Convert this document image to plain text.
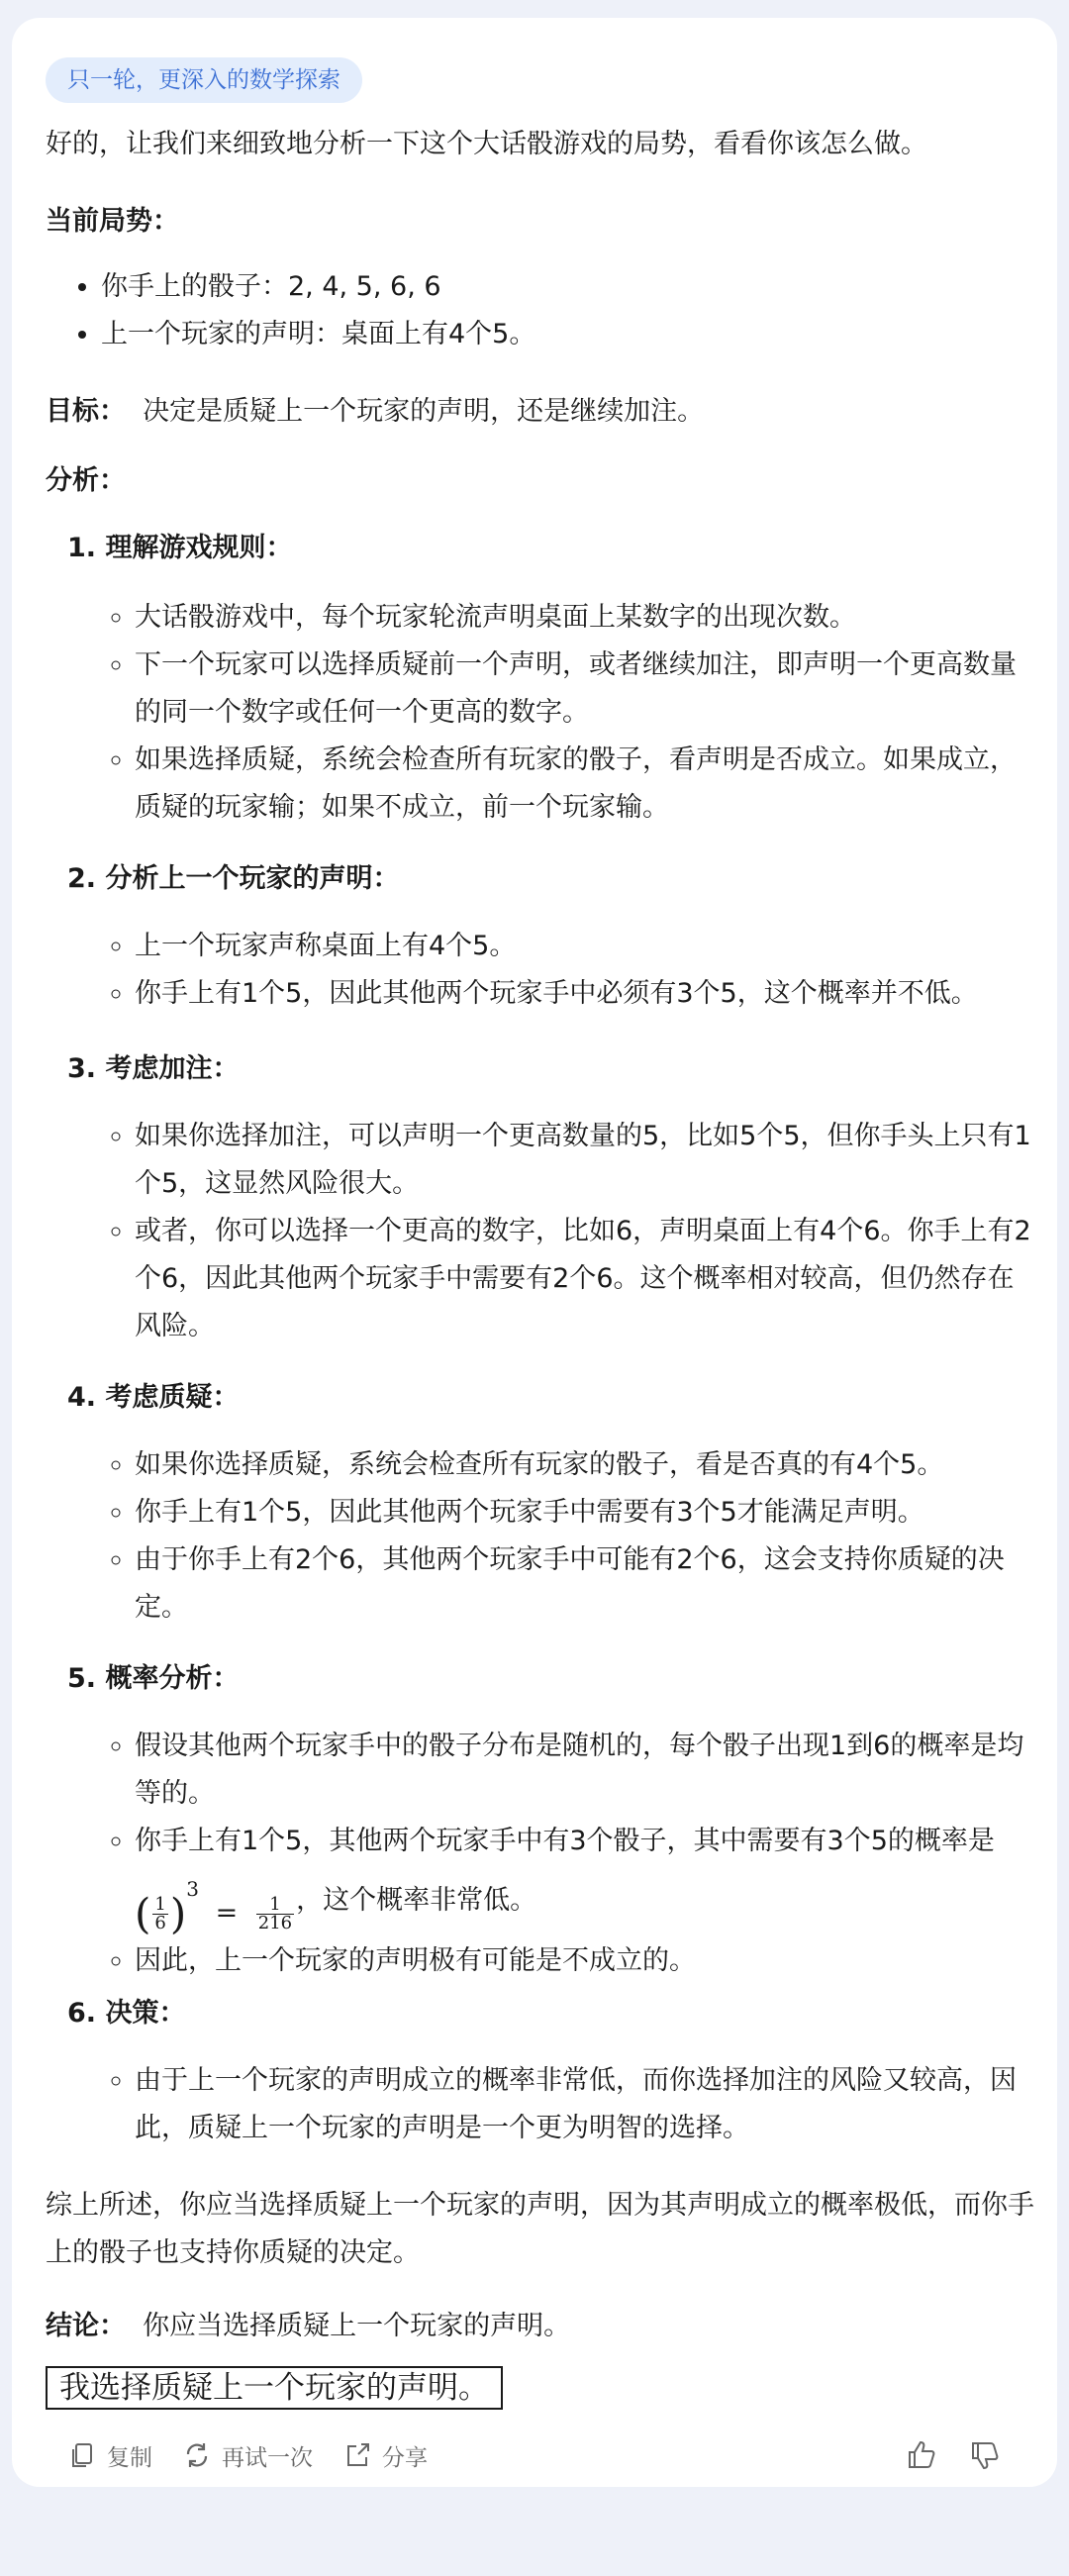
只一轮，更深入的数学探索

好的，让我们来细致地分析一下这个大话骰游戏的局势，看看你该怎么做。

当前局势：

• 你手上的骰子：2, 4, 5, 6, 6
• 上一个玩家的声明：桌面上有4个5。

目标： 决定是质疑上一个玩家的声明，还是继续加注。

分析：

1. 理解游戏规则：
◦ 大话骰游戏中，每个玩家轮流声明桌面上某数字的出现次数。
◦ 下一个玩家可以选择质疑前一个声明，或者继续加注，即声明一个更高数量的同一个数字或任何一个更高的数字。
◦ 如果选择质疑，系统会检查所有玩家的骰子，看声明是否成立。如果成立，质疑的玩家输；如果不成立，前一个玩家输。
2. 分析上一个玩家的声明：
◦ 上一个玩家声称桌面上有4个5。
◦ 你手上有1个5，因此其他两个玩家手中必须有3个5，这个概率并不低。
3. 考虑加注：
◦ 如果你选择加注，可以声明一个更高数量的5，比如5个5，但你手头上只有1个5，这显然风险很大。
◦ 或者，你可以选择一个更高的数字，比如6，声明桌面上有4个6。你手上有2个6，因此其他两个玩家手中需要有2个6。这个概率相对较高，但仍然存在风险。
4. 考虑质疑：
◦ 如果你选择质疑，系统会检查所有玩家的骰子，看是否真的有4个5。
◦ 你手上有1个5，因此其他两个玩家手中需要有3个5才能满足声明。
◦ 由于你手上有2个6，其他两个玩家手中可能有2个6，这会支持你质疑的决定。
5. 概率分析：
◦ 假设其他两个玩家手中的骰子分布是随机的，每个骰子出现1到6的概率是均等的。
◦ 你手上有1个5，其他两个玩家手中有3个骰子，其中需要有3个5的概率是
( $\frac{1}{6} )^3 = \frac{1}{216}$ ，这个概率非常低。
◦ 因此，上一个玩家的声明极有可能是不成立的。
6. 决策：
◦ 由于上一个玩家的声明成立的概率非常低，而你选择加注的风险又较高，因此，质疑上一个玩家的声明是一个更为明智的选择。

综上所述，你应当选择质疑上一个玩家的声明，因为其声明成立的概率极低，而你手上的骰子也支持你质疑的决定。

结论： 你应当选择质疑上一个玩家的声明。

我选择质疑上一个玩家的声明。
复制	再试一次	分享
